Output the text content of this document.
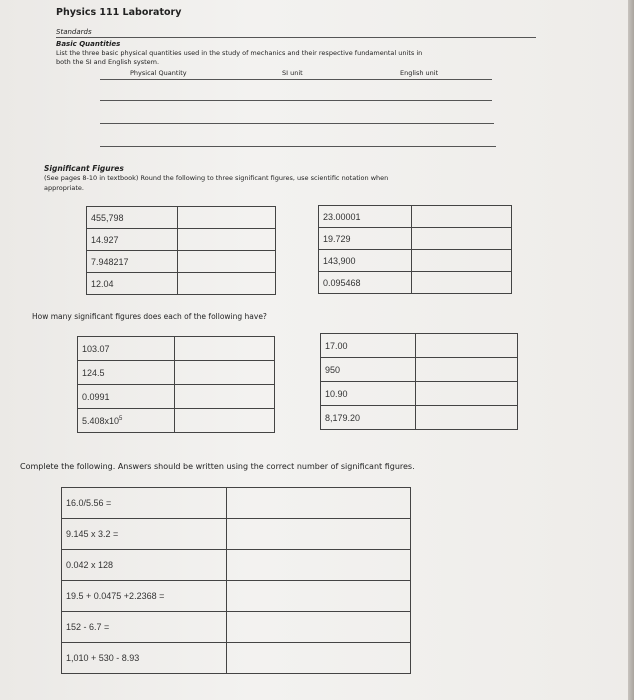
Physics 111 Laboratory
Standards
Basic Quantities
List the three basic physical quantities used in the study of mechanics and their respective fundamental units in
both the SI and English system.
Physical Quantity	SI unit	English unit
Significant Figures
(See pages 8-10 in textbook) Round the following to three significant figures, use scientific notation when
appropriate.
455,798	
14.927	
7.948217	
12.04	
23.00001	
19.729	
143,900	
0.095468	
How many significant figures does each of the following have?
103.07	
124.5	
0.0991	
$5.408x10^5$	
17.00	
950	
10.90	
8,179.20	
Complete the following. Answers should be written using the correct number of significant figures.
16.0/5.56 =	
9.145 x 3.2 =	
0.042 x 128	
19.5 + 0.0475 +2.2368 =	
152 - 6.7 =	
1,010 + 530 - 8.93	
